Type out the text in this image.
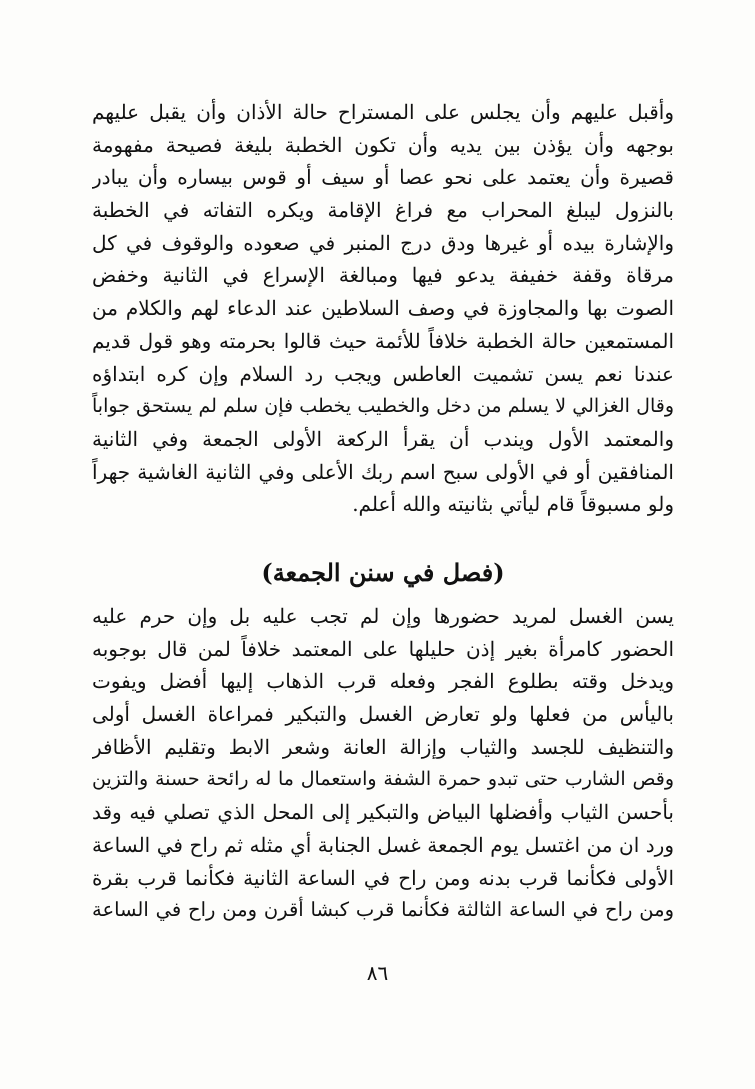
وأقبل عليهم وأن يجلس على المستراح حالة الأذان وأن يقبل عليهم
بوجهه وأن يؤذن بين يديه وأن تكون الخطبة بليغة فصيحة مفهومة
قصيرة وأن يعتمد على نحو عصا أو سيف أو قوس بيساره وأن يبادر
بالنزول ليبلغ المحراب مع فراغ الإقامة ويكره التفاته في الخطبة
والإشارة بيده أو غيرها ودق درج المنبر في صعوده والوقوف في كل
مرقاة وقفة خفيفة يدعو فيها ومبالغة الإسراع في الثانية وخفض
الصوت بها والمجاوزة في وصف السلاطين عند الدعاء لهم والكلام من
المستمعين حالة الخطبة خلافاً للأئمة حيث قالوا بحرمته وهو قول قديم
عندنا نعم يسن تشميت العاطس ويجب رد السلام وإن كره ابتداؤه
وقال الغزالي لا يسلم من دخل والخطيب يخطب فإن سلم لم يستحق جواباً
والمعتمد الأول ويندب أن يقرأ الركعة الأولى الجمعة وفي الثانية
المنافقين أو في الأولى سبح اسم ربك الأعلى وفي الثانية الغاشية جهراً
ولو مسبوقاً قام ليأتي بثانيته والله أعلم.
(فصل في سنن الجمعة)
يسن الغسل لمريد حضورها وإن لم تجب عليه بل وإن حرم عليه
الحضور كامرأة بغير إذن حليلها على المعتمد خلافاً لمن قال بوجوبه
ويدخل وقته بطلوع الفجر وفعله قرب الذهاب إليها أفضل ويفوت
باليأس من فعلها ولو تعارض الغسل والتبكير فمراعاة الغسل أولى
والتنظيف للجسد والثياب وإزالة العانة وشعر الابط وتقليم الأظافر
وقص الشارب حتى تبدو حمرة الشفة واستعمال ما له رائحة حسنة والتزين
بأحسن الثياب وأفضلها البياض والتبكير إلى المحل الذي تصلي فيه وقد
ورد ان من اغتسل يوم الجمعة غسل الجنابة أي مثله ثم راح في الساعة
الأولى فكأنما قرب بدنه ومن راح في الساعة الثانية فكأنما قرب بقرة
ومن راح في الساعة الثالثة فكأنما قرب كبشا أقرن ومن راح في الساعة
٨٦
